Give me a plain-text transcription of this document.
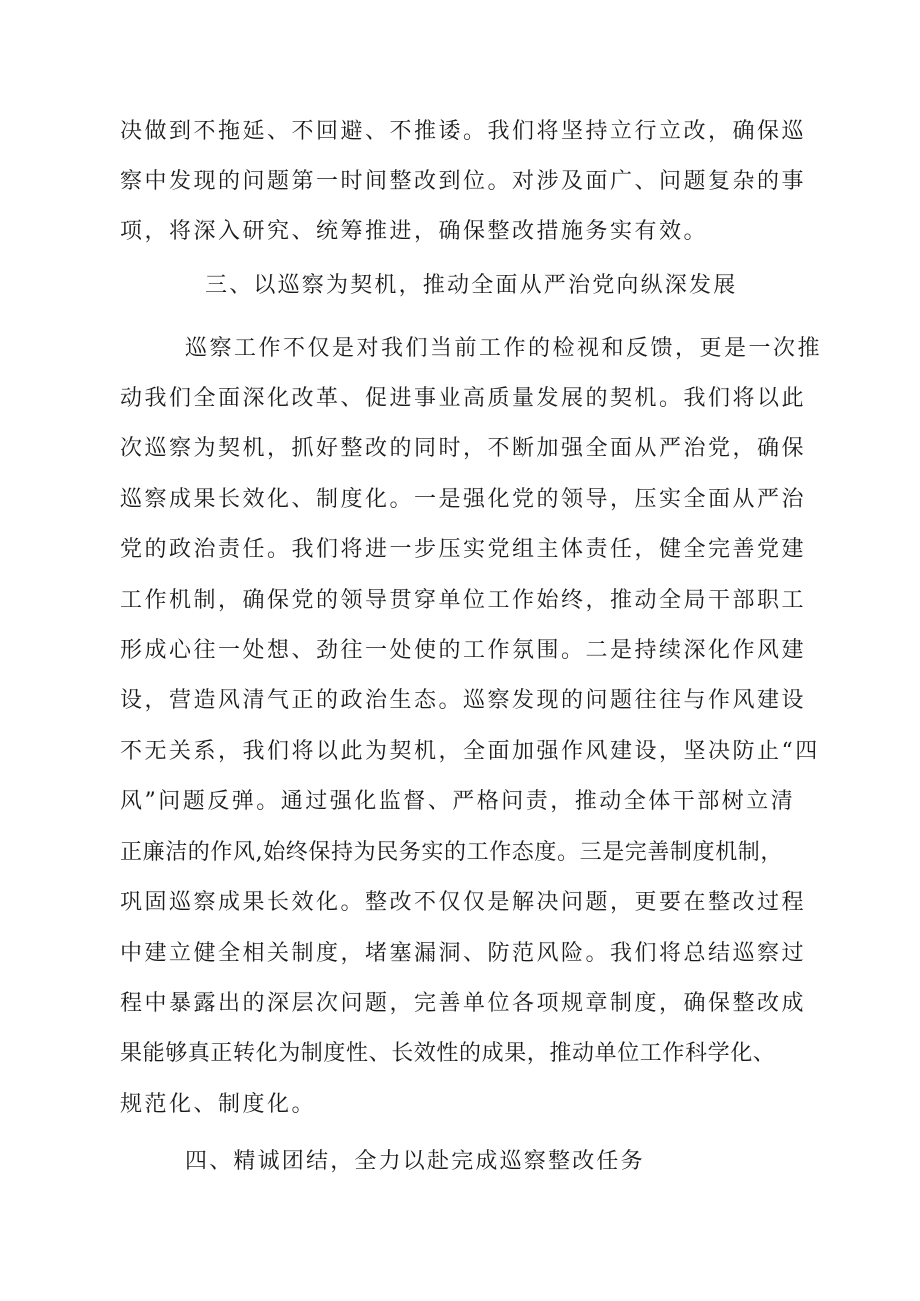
决做到不拖延、不回避、不推诿。我们将坚持立行立改，确保巡
察中发现的问题第一时间整改到位。对涉及面广、问题复杂的事
项，将深入研究、统筹推进，确保整改措施务实有效。
三、以巡察为契机，推动全面从严治党向纵深发展
巡察工作不仅是对我们当前工作的检视和反馈，更是一次推
动我们全面深化改革、促进事业高质量发展的契机。我们将以此
次巡察为契机，抓好整改的同时，不断加强全面从严治党，确保
巡察成果长效化、制度化。一是强化党的领导，压实全面从严治
党的政治责任。我们将进一步压实党组主体责任，健全完善党建
工作机制，确保党的领导贯穿单位工作始终，推动全局干部职工
形成心往一处想、劲往一处使的工作氛围。二是持续深化作风建
设，营造风清气正的政治生态。巡察发现的问题往往与作风建设
不无关系，我们将以此为契机，全面加强作风建设，坚决防止“四
风”问题反弹。通过强化监督、严格问责，推动全体干部树立清
正廉洁的作风,始终保持为民务实的工作态度。三是完善制度机制，
巩固巡察成果长效化。整改不仅仅是解决问题，更要在整改过程
中建立健全相关制度，堵塞漏洞、防范风险。我们将总结巡察过
程中暴露出的深层次问题，完善单位各项规章制度，确保整改成
果能够真正转化为制度性、长效性的成果，推动单位工作科学化、
规范化、制度化。
四、精诚团结，全力以赴完成巡察整改任务
